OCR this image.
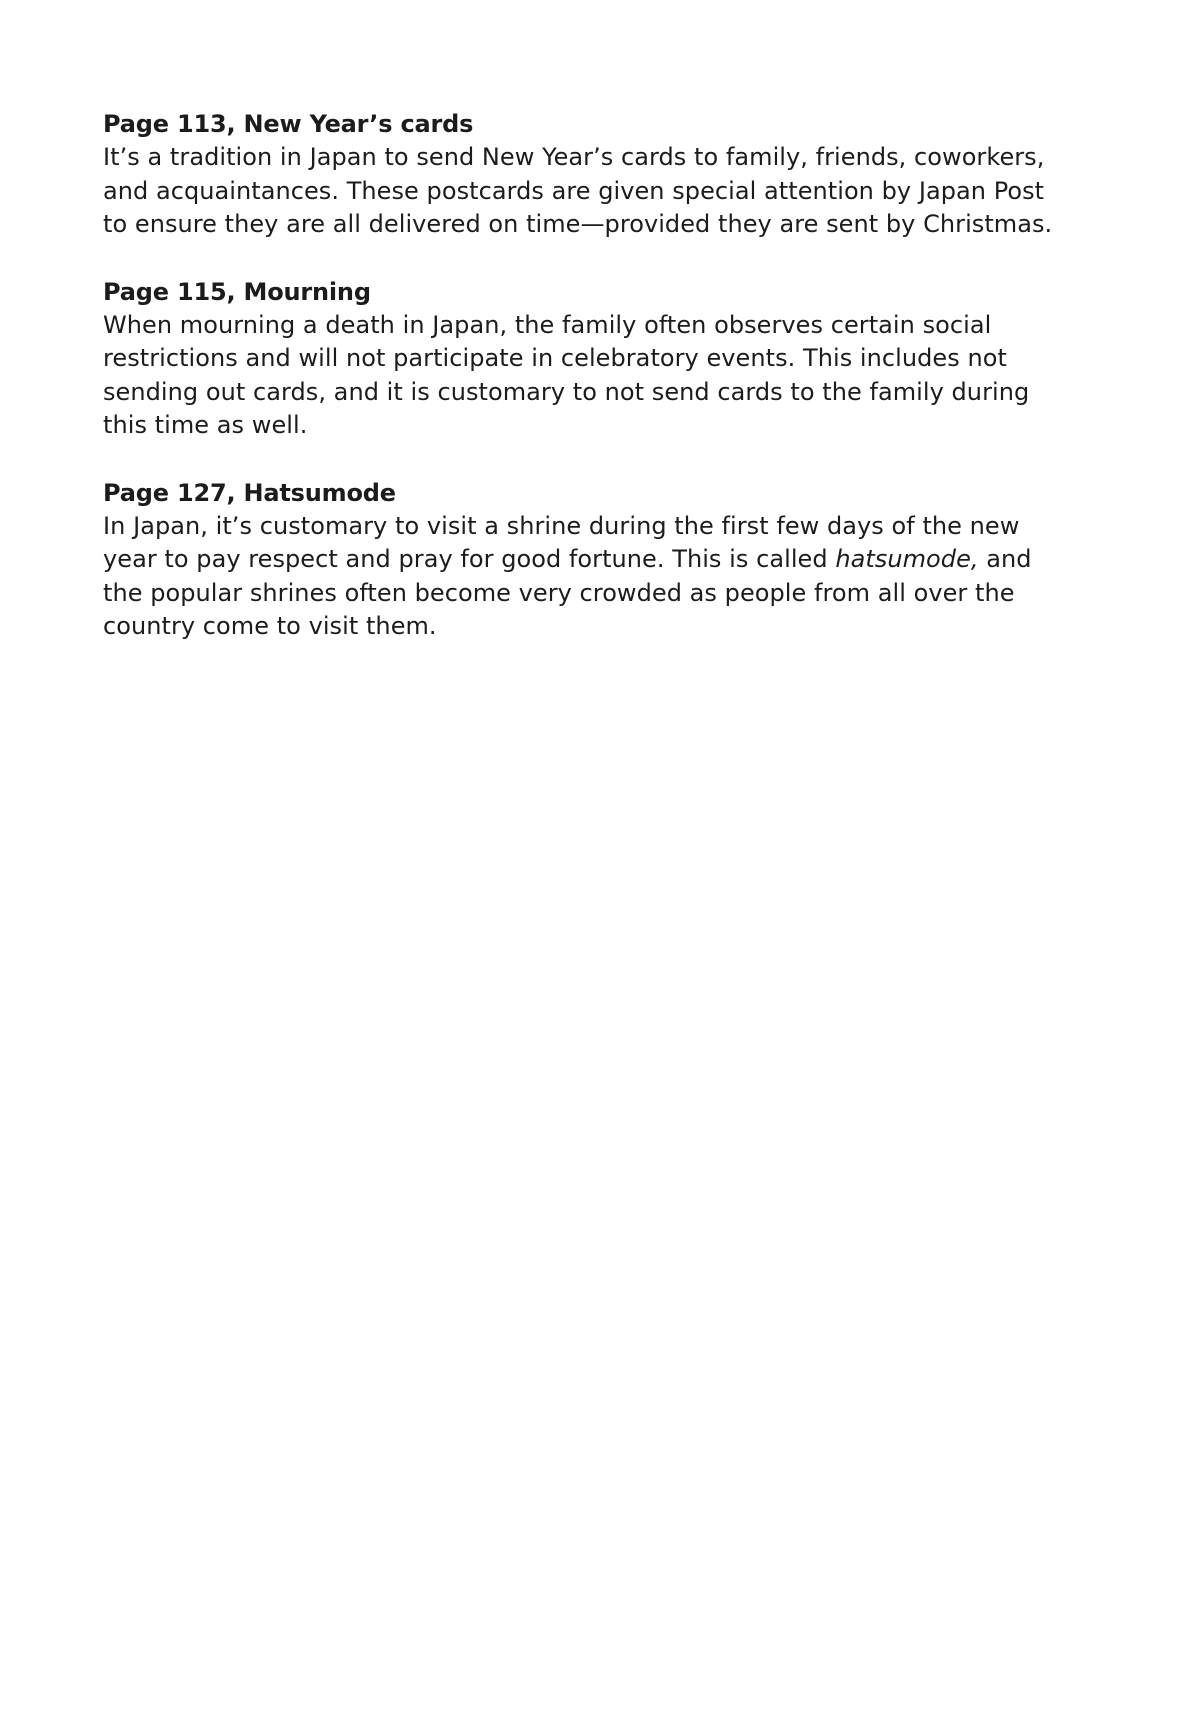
Page 113, New Year’s cards

It’s a tradition in Japan to send New Year’s cards to family, friends, coworkers,
and acquaintances. These postcards are given special attention by Japan Post
to ensure they are all delivered on time—provided they are sent by Christmas.

Page 115, Mourning

When mourning a death in Japan, the family often observes certain social
restrictions and will not participate in celebratory events. This includes not
sending out cards, and it is customary to not send cards to the family during
this time as well.

Page 127, Hatsumode

In Japan, it’s customary to visit a shrine during the first few days of the new
year to pay respect and pray for good fortune. This is called hatsumode, and
the popular shrines often become very crowded as people from all over the
country come to visit them.
